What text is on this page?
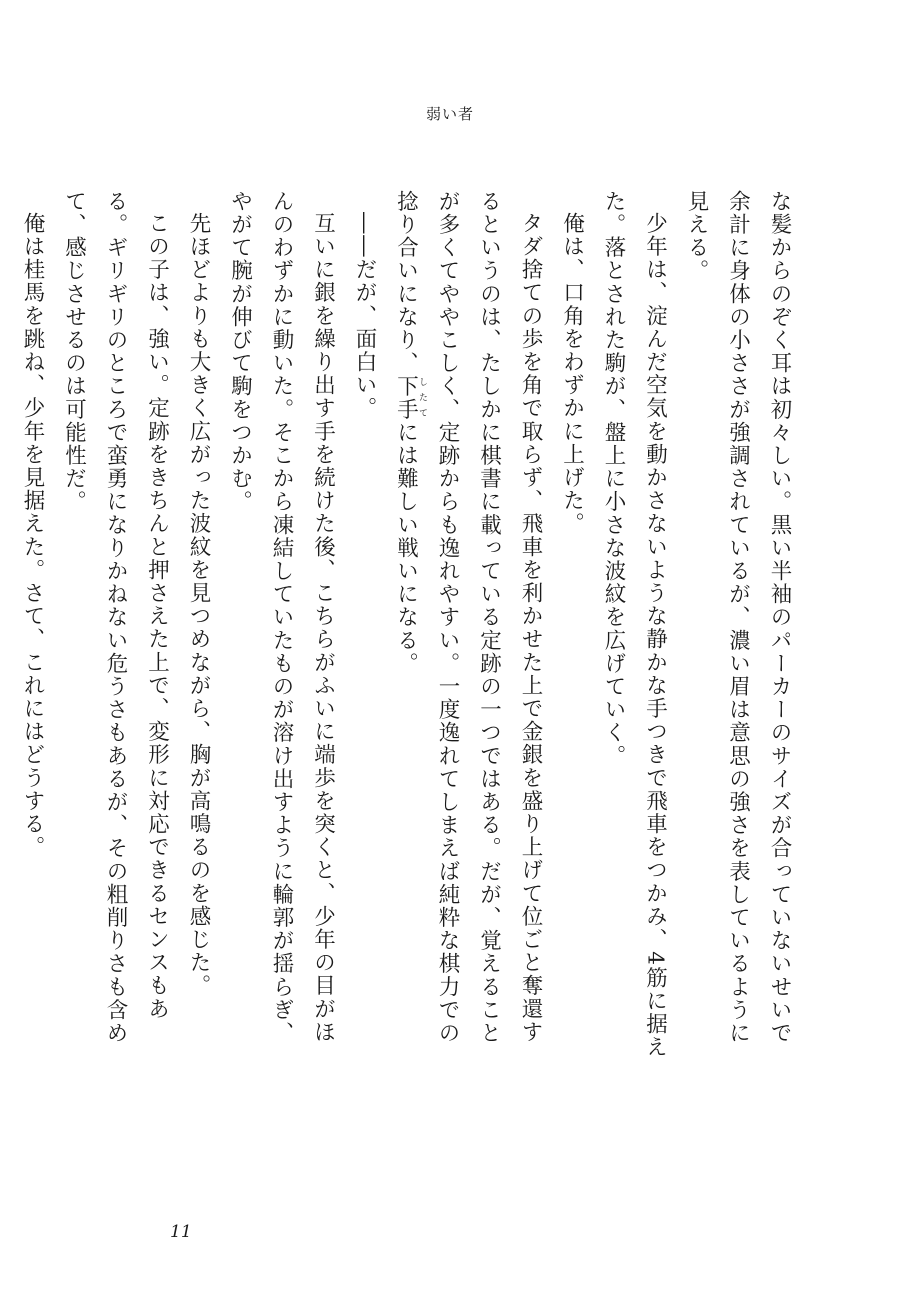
弱い者

な髪からのぞく耳は初々しい。黒い半袖のパーカーのサイズが合っていないせいで余計に身体の小ささが強調されているが、濃い眉は意思の強さを表しているように見える。

少年は、淀んだ空気を動かさないような静かな手つきで飛車をつかみ、4筋に据えた。落とされた駒が、盤上に小さな波紋を広げていく。

俺は、口角をわずかに上げた。

タダ捨ての歩を角で取らず、飛車を利かせた上で金銀を盛り上げて位ごと奪還するというのは、たしかに棋書に載っている定跡の一つではある。だが、覚えることが多くてややこしく、定跡からも逸れやすい。一度逸れてしまえば純粋な棋力での捻り合いになり、下手したてには難しい戦いになる。

――だが、面白い。

互いに銀を繰り出す手を続けた後、こちらがふいに端歩を突くと、少年の目がほんのわずかに動いた。そこから凍結していたものが溶け出すように輪郭が揺らぎ、やがて腕が伸びて駒をつかむ。

先ほどよりも大きく広がった波紋を見つめながら、胸が高鳴るのを感じた。

この子は、強い。定跡をきちんと押さえた上で、変形に対応できるセンスもある。ギリギリのところで蛮勇になりかねない危うさもあるが、その粗削りさも含めて、感じさせるのは可能性だ。

俺は桂馬を跳ね、少年を見据えた。さて、これにはどうする。

11
